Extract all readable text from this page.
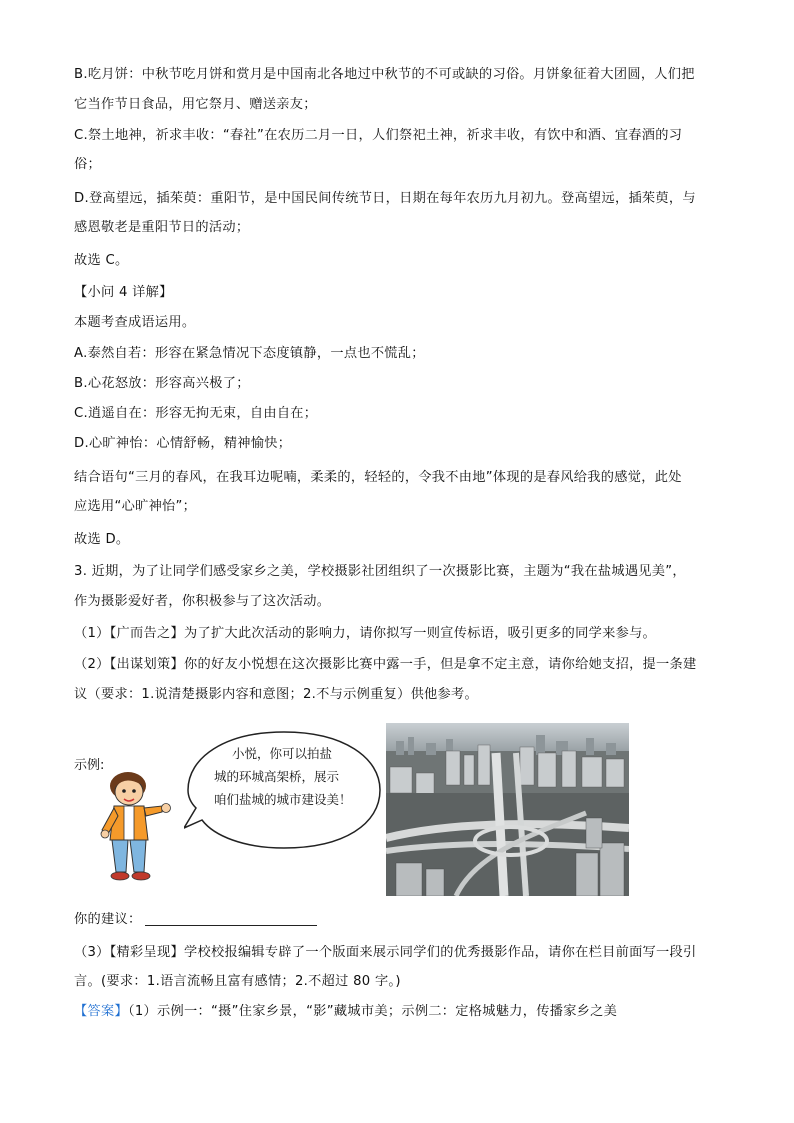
B.吃月饼：中秋节吃月饼和赏月是中国南北各地过中秋节的不可或缺的习俗。月饼象征着大团圆，人们把
它当作节日食品，用它祭月、赠送亲友；
C.祭土地神，祈求丰收：“春社”在农历二月一日，人们祭祀土神，祈求丰收，有饮中和酒、宜春酒的习
俗；
D.登高望远，插茱萸：重阳节，是中国民间传统节日，日期在每年农历九月初九。登高望远，插茱萸，与
感恩敬老是重阳节日的活动；
故选 C。
【小问 4 详解】
本题考查成语运用。
A.泰然自若：形容在紧急情况下态度镇静，一点也不慌乱；
B.心花怒放：形容高兴极了；
C.逍遥自在：形容无拘无束，自由自在；
D.心旷神怡：心情舒畅，精神愉快；
结合语句“三月的春风，在我耳边呢喃，柔柔的，轻轻的，令我不由地”体现的是春风给我的感觉，此处
应选用“心旷神怡”；
故选 D。
3. 近期，为了让同学们感受家乡之美，学校摄影社团组织了一次摄影比赛，主题为“我在盐城遇见美”，
作为摄影爱好者，你积极参与了这次活动。
（1）【广而告之】为了扩大此次活动的影响力，请你拟写一则宣传标语，吸引更多的同学来参与。
（2）【出谋划策】你的好友小悦想在这次摄影比赛中露一手，但是拿不定主意，请你给她支招，提一条建
议（要求：1.说清楚摄影内容和意图；2.不与示例重复）供他参考。
示例:
小悦，你可以拍盐
城的环城高架桥，展示
咱们盐城的城市建设美！
你的建议：
（3）【精彩呈现】学校校报编辑专辟了一个版面来展示同学们的优秀摄影作品，请你在栏目前面写一段引
言。(要求：1.语言流畅且富有感情；2.不超过 80 字。)
【答案】（1）示例一：“摄”住家乡景，“影”藏城市美；示例二：定格城魅力，传播家乡之美
